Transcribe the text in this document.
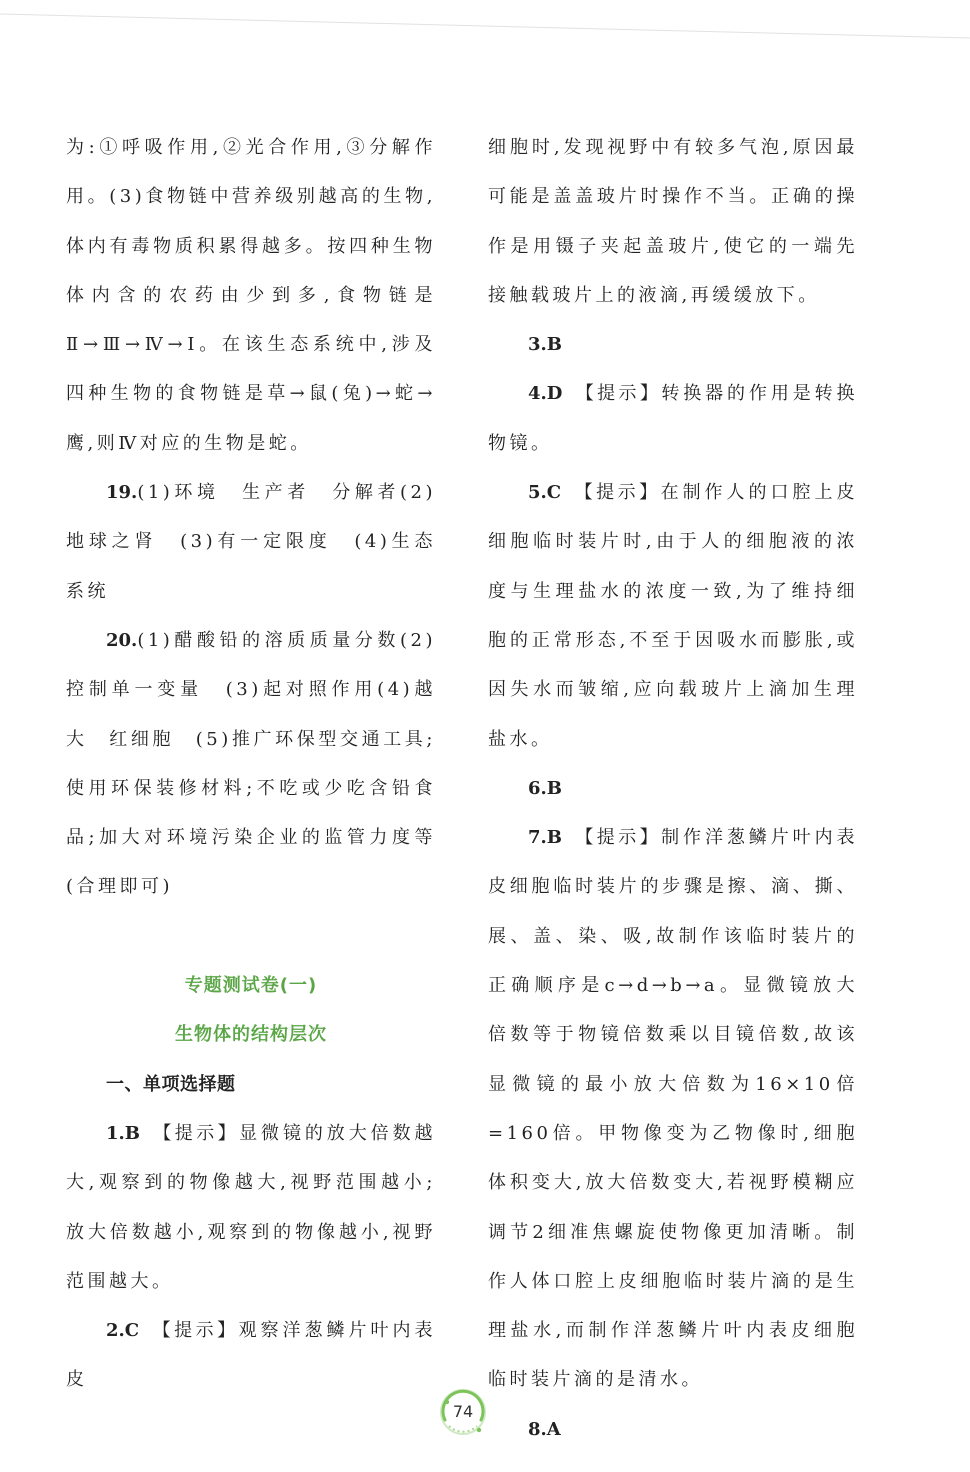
为:①呼吸作用,②光合作用,③分解作用。(3)食物链中营养级别越高的生物,体内有毒物质积累得越多。按四种生物体内含的农药由少到多,食物链是Ⅱ→Ⅲ→Ⅳ→Ⅰ。在该生态系统中,涉及四种生物的食物链是草→鼠(兔)→蛇→鹰,则Ⅳ对应的生物是蛇。

19.(1)环境　生产者　分解者(2)地球之肾　(3)有一定限度　(4)生态系统

20.(1)醋酸铅的溶质质量分数(2)控制单一变量　(3)起对照作用(4)越大　红细胞　(5)推广环保型交通工具;使用环保装修材料;不吃或少吃含铅食品;加大对环境污染企业的监管力度等(合理即可)

专题测试卷(一)

生物体的结构层次

一、单项选择题

1.B　 【提示】显微镜的放大倍数越大,观察到的物像越大,视野范围越小;放大倍数越小,观察到的物像越小,视野范围越大。

2.C　 【提示】观察洋葱鳞片叶内表皮

细胞时,发现视野中有较多气泡,原因最可能是盖盖玻片时操作不当。正确的操作是用镊子夹起盖玻片,使它的一端先接触载玻片上的液滴,再缓缓放下。

3.B

4.D　 【提示】转换器的作用是转换物镜。

5.C　 【提示】在制作人的口腔上皮细胞临时装片时,由于人的细胞液的浓度与生理盐水的浓度一致,为了维持细胞的正常形态,不至于因吸水而膨胀,或因失水而皱缩,应向载玻片上滴加生理盐水。

6.B

7.B　 【提示】制作洋葱鳞片叶内表皮细胞临时装片的步骤是擦、滴、撕、展、盖、染、吸,故制作该临时装片的正确顺序是c→d→b→a。显微镜放大倍数等于物镜倍数乘以目镜倍数,故该显微镜的最小放大倍数为16×10倍=160倍。甲物像变为乙物像时,细胞体积变大,放大倍数变大,若视野模糊应调节2细准焦螺旋使物像更加清晰。制作人体口腔上皮细胞临时装片滴的是生理盐水,而制作洋葱鳞片叶内表皮细胞临时装片滴的是清水。

8.A

74
